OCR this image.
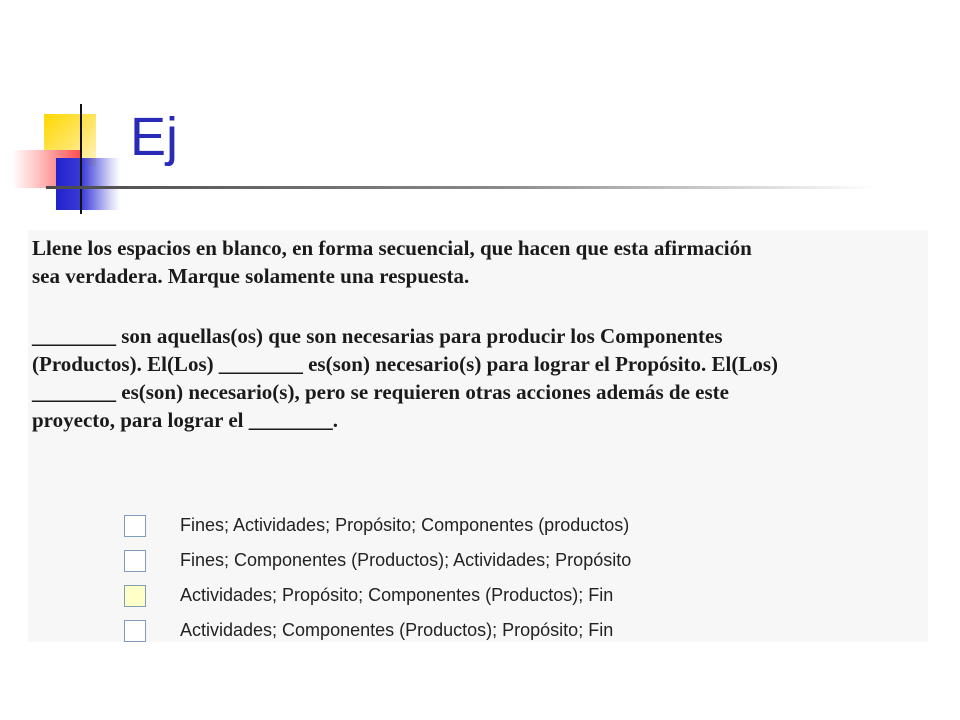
Ej
Llene los espacios en blanco, en forma secuencial, que hacen que esta afirmación
sea verdadera. Marque solamente una respuesta.
________ son aquellas(os) que son necesarias para producir los Componentes
(Productos). El(Los) ________ es(son) necesario(s) para lograr el Propósito. El(Los)
________ es(son) necesario(s), pero se requieren otras acciones además de este
proyecto, para lograr el ________.
Fines; Actividades; Propósito; Componentes (productos)
Fines; Componentes (Productos); Actividades; Propósito
Actividades; Propósito; Componentes (Productos); Fin
Actividades; Componentes (Productos); Propósito; Fin
